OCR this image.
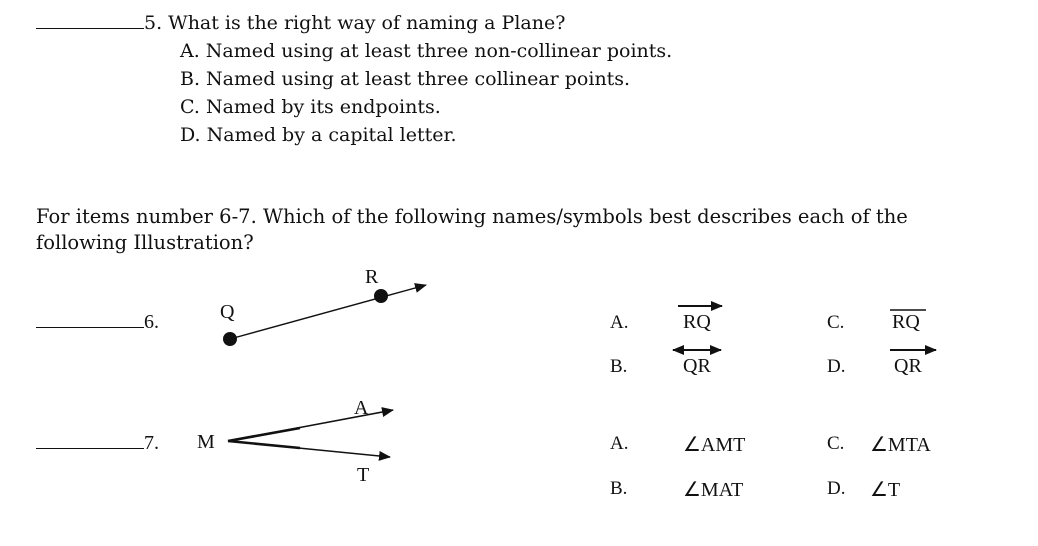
5. What is the right way of naming a Plane?
A. Named using at least three non-collinear points.
B. Named using at least three collinear points.
C. Named by its endpoints.
D. Named by a capital letter.
For items number 6-7. Which of the following names/symbols best describes each of the
following Illustration?
6.	Q
R
A.	RQ
B.	QR
C. RQ
D. QR
7. M
A
T
A.	∠AMT
B.	∠MAT
C. ∠MTA
D. ∠T
